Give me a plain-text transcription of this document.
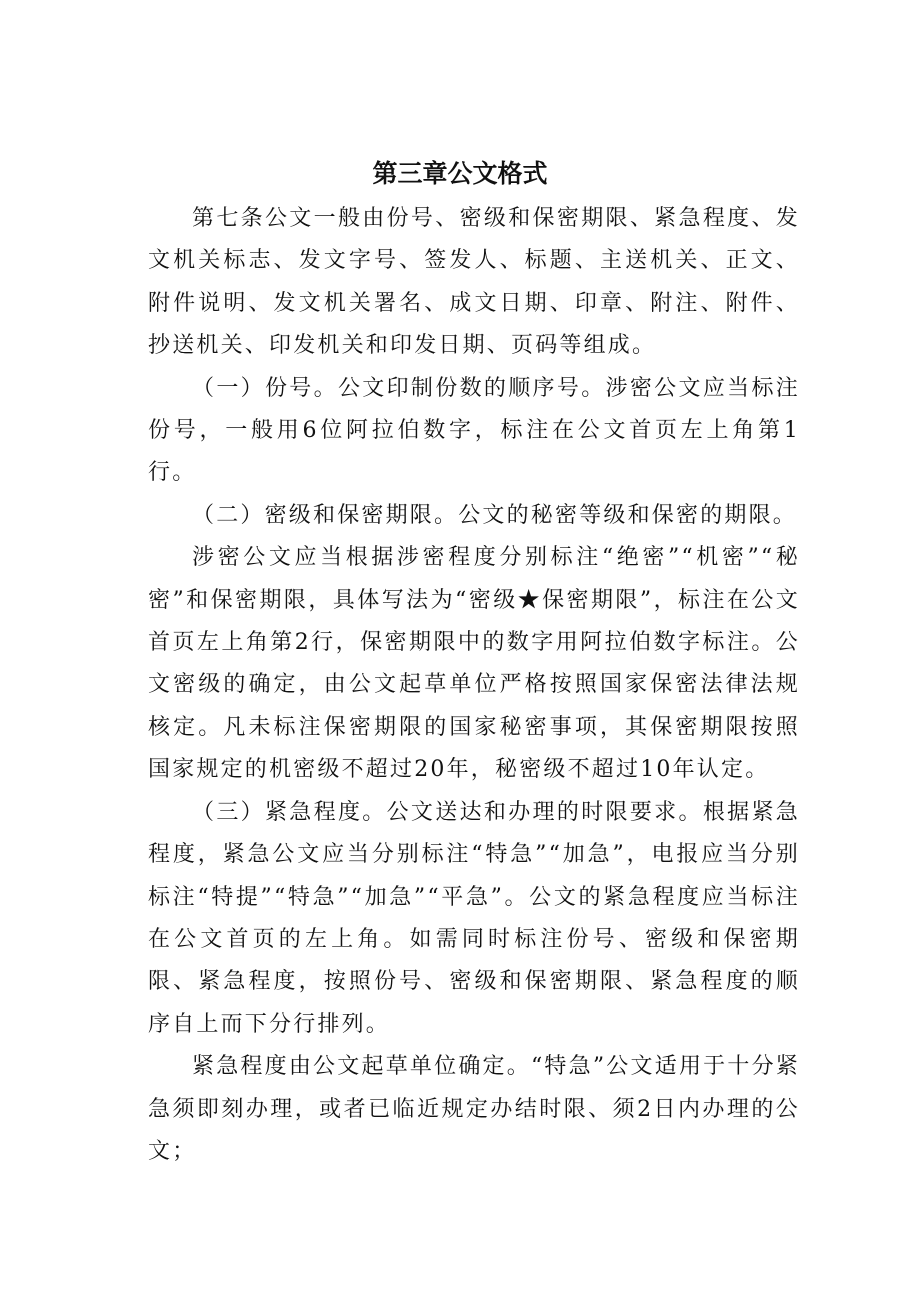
第三章公文格式

第七条公文一般由份号、密级和保密期限、紧急程度、发文机关标志、发文字号、签发人、标题、主送机关、正文、附件说明、发文机关署名、成文日期、印章、附注、附件、抄送机关、印发机关和印发日期、页码等组成。

（一）份号。公文印制份数的顺序号。涉密公文应当标注份号，一般用6位阿拉伯数字，标注在公文首页左上角第1行。

（二）密级和保密期限。公文的秘密等级和保密的期限。

涉密公文应当根据涉密程度分别标注“绝密”“机密”“秘密”和保密期限，具体写法为“密级★保密期限”，标注在公文首页左上角第2行，保密期限中的数字用阿拉伯数字标注。公文密级的确定，由公文起草单位严格按照国家保密法律法规核定。凡未标注保密期限的国家秘密事项，其保密期限按照国家规定的机密级不超过20年，秘密级不超过10年认定。

（三）紧急程度。公文送达和办理的时限要求。根据紧急程度，紧急公文应当分别标注“特急”“加急”，电报应当分别标注“特提”“特急”“加急”“平急”。公文的紧急程度应当标注在公文首页的左上角。如需同时标注份号、密级和保密期限、紧急程度，按照份号、密级和保密期限、紧急程度的顺序自上而下分行排列。

紧急程度由公文起草单位确定。“特急”公文适用于十分紧急须即刻办理，或者已临近规定办结时限、须2日内办理的公文；
